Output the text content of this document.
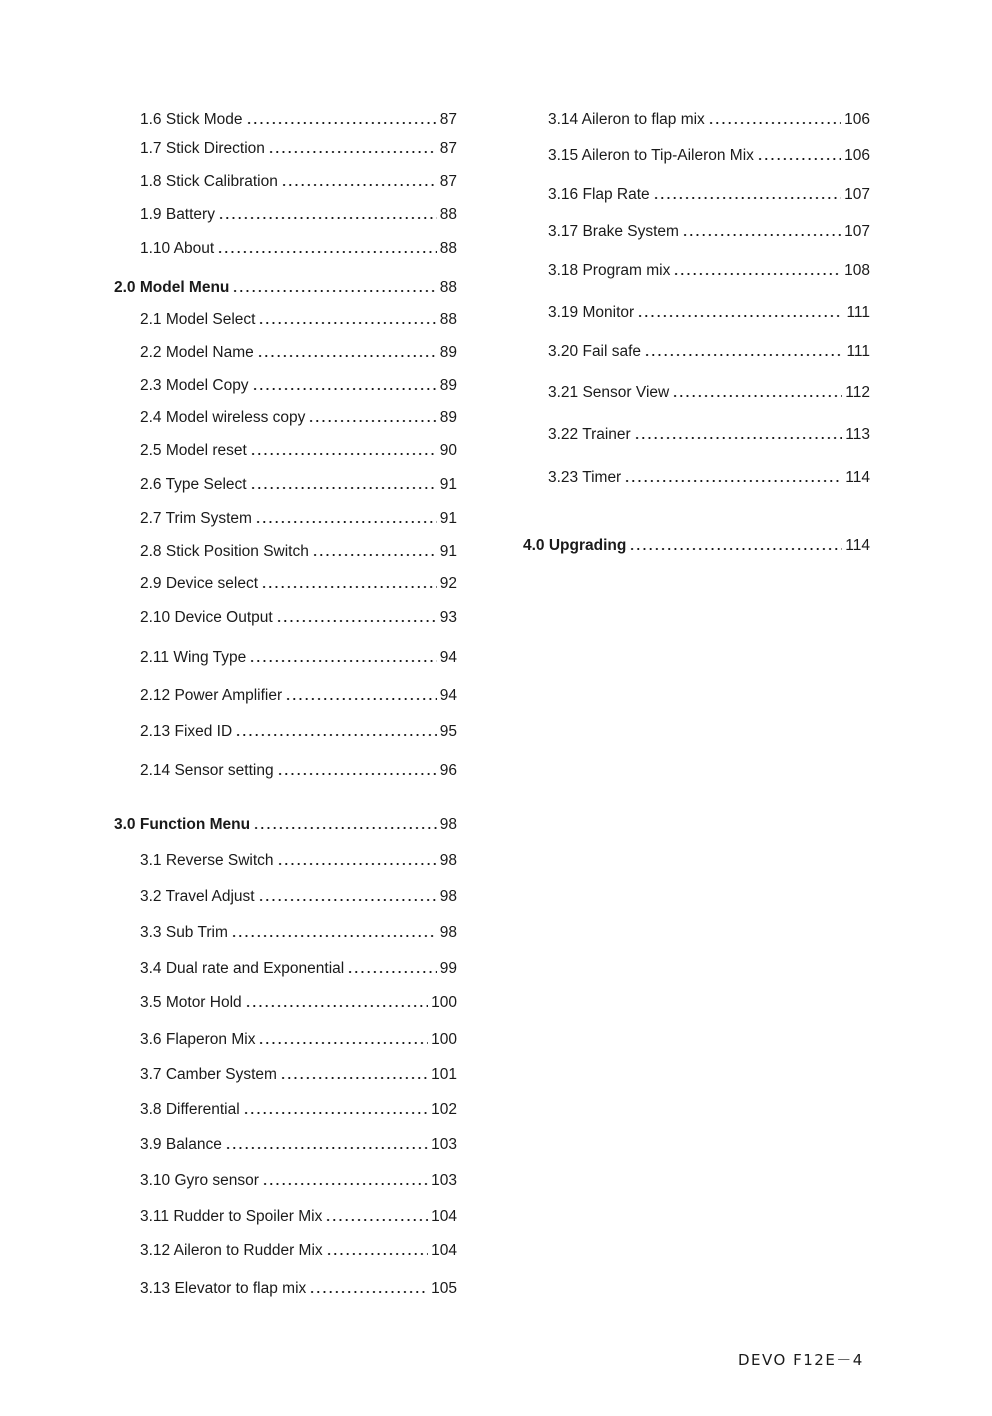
1.6 Stick Mode	87
1.7 Stick Direction	87
1.8 Stick Calibration	87
1.9 Battery	88
1.10 About	88
2.0 Model Menu	88
2.1 Model Select	88
2.2 Model Name	89
2.3 Model Copy	89
2.4 Model wireless copy	89
2.5 Model reset	90
2.6 Type Select	91
2.7 Trim System	91
2.8 Stick Position Switch	91
2.9 Device select	92
2.10 Device Output	93
2.11 Wing Type	94
2.12 Power Amplifier	94
2.13 Fixed ID	95
2.14 Sensor setting	96
3.0 Function Menu	98
3.1 Reverse Switch	98
3.2 Travel Adjust	98
3.3 Sub Trim	98
3.4 Dual rate and Exponential	99
3.5 Motor Hold	100
3.6 Flaperon Mix	100
3.7 Camber System	101
3.8 Differential	102
3.9 Balance	103
3.10 Gyro sensor	103
3.11 Rudder to Spoiler Mix	104
3.12 Aileron to Rudder Mix	104
3.13 Elevator to flap mix	105
3.14 Aileron to flap mix	106
3.15 Aileron to Tip-Aileron Mix	106
3.16 Flap Rate	107
3.17 Brake System	107
3.18 Program mix	108
3.19 Monitor	111
3.20 Fail safe	111
3.21 Sensor View	112
3.22 Trainer	113
3.23 Timer	114
4.0 Upgrading	114
DEVO F12E－4
